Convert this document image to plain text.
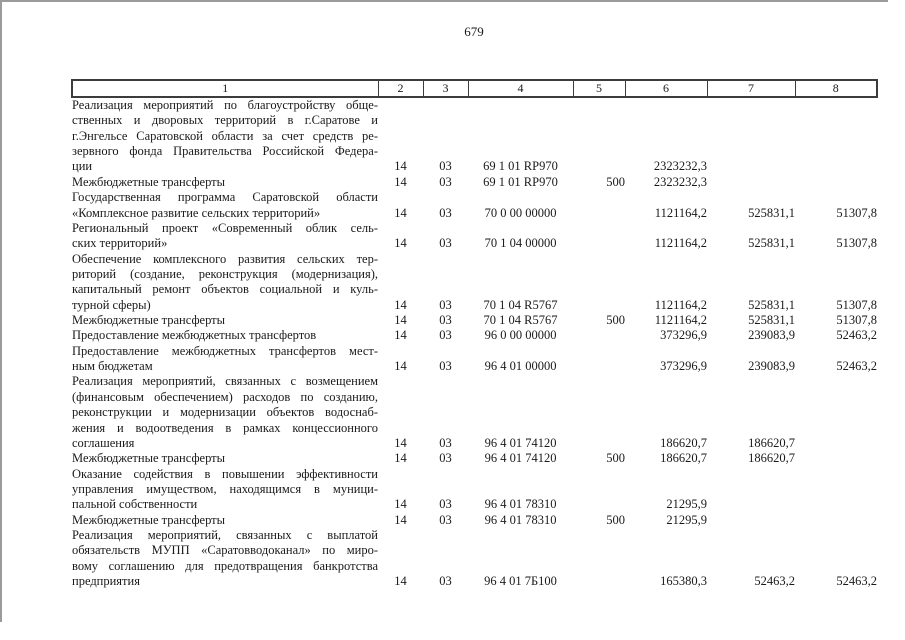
679
1	2	3	4	5	6	7	8

Реализация мероприятий по благоустройству обще-
ственных и дворовых территорий в г.Саратове и
г.Энгельсе Саратовской области за счет средств ре-
зервного фонда Правительства Российской Федера-
ции	14	03	69 1 01 RP970		2323232,3		

Межбюджетные трансферты	14	03	69 1 01 RP970	500	2323232,3		

Государственная программа Саратовской области
«Комплексное развитие сельских территорий»	14	03	70 0 00 00000		1121164,2	525831,1	51307,8

Региональный проект «Современный облик сель-
ских территорий»	14	03	70 1 04 00000		1121164,2	525831,1	51307,8

Обеспечение комплексного развития сельских тер-
риторий (создание, реконструкция (модернизация),
капитальный ремонт объектов социальной и куль-
турной сферы)	14	03	70 1 04 R5767		1121164,2	525831,1	51307,8

Межбюджетные трансферты	14	03	70 1 04 R5767	500	1121164,2	525831,1	51307,8

Предоставление межбюджетных трансфертов	14	03	96 0 00 00000		373296,9	239083,9	52463,2

Предоставление межбюджетных трансфертов мест-
ным бюджетам	14	03	96 4 01 00000		373296,9	239083,9	52463,2

Реализация мероприятий, связанных с возмещением
(финансовым обеспечением) расходов по созданию,
реконструкции и модернизации объектов водоснаб-
жения и водоотведения в рамках концессионного
соглашения	14	03	96 4 01 74120		186620,7	186620,7	

Межбюджетные трансферты	14	03	96 4 01 74120	500	186620,7	186620,7	

Оказание содействия в повышении эффективности
управления имуществом, находящимся в муници-
пальной собственности	14	03	96 4 01 78310		21295,9		

Межбюджетные трансферты	14	03	96 4 01 78310	500	21295,9		

Реализация мероприятий, связанных с выплатой
обязательств МУПП «Саратовводоканал» по миро-
вому соглашению для предотвращения банкротства
предприятия	14	03	96 4 01 7Б100		165380,3	52463,2	52463,2
